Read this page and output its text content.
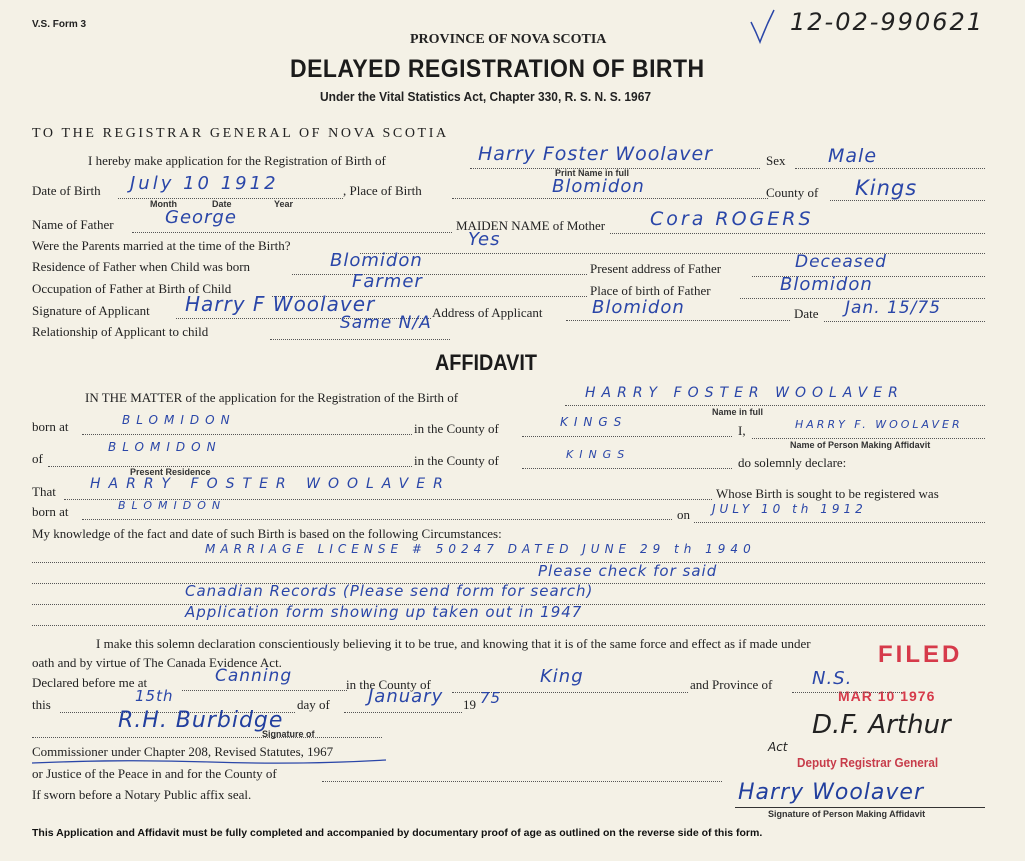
V.S. Form 3	12-02-990621
PROVINCE OF NOVA SCOTIA
DELAYED REGISTRATION OF BIRTH
Under the Vital Statistics Act, Chapter 330, R. S. N. S. 1967
TO THE REGISTRAR GENERAL OF NOVA SCOTIA
I hereby make application for the Registration of Birth of	Harry Foster Woolaver
Print Name in full
Sex Male
Date of Birth July 10 1912
Month	Date	Year
, Place of Birth	Blomidon	County of Kings
Name of Father	George	MAIDEN NAME of Mother Cora ROGERS
Were the Parents married at the time of the Birth?	Yes
Residence of Father when Child was born	Blomidon	Present address of Father	Deceased
Occupation of Father at Birth of Child	Farmer	Place of birth of Father	Blomidon
Signature of Applicant Harry F Woolaver	Address of Applicant	Blomidon	Date Jan. 15/75
Relationship of Applicant to child	Same N/A
AFFIDAVIT
IN THE MATTER of the application for the Registration of the Birth of	HARRY FOSTER WOOLAVER
Name in full
born at	BLOMIDON
in the County of	KINGS
I,	HARRY F. WOOLAVER
Name of Person Making Affidavit
of
BLOMIDON
Present Residence
in the County of	KINGS
do solemnly declare:
That HARRY FOSTER WOOLAVER
Whose Birth is sought to be registered was
born at	BLOMIDON
on JULY 10 th 1912
My knowledge of the fact and date of such Birth is based on the following Circumstances:
MARRIAGE LICENSE # 50247 DATED JUNE 29 th 1940
Please check for said
Canadian Records (Please send form for search)
Application form showing up taken out in 1947
I make this solemn declaration conscientiously believing it to be true, and knowing that it is of the same force and effect as if made under
oath and by virtue of The Canada Evidence Act.	FILED
MAR 10 1976
Declared before me at	Canning	in the County of	King	and Province of N.S.
this	15th	day of January 19 75
R.H. Burbidge
Signature of
Commissioner under Chapter 208, Revised Statutes, 1967
or Justice of the Peace in and for the County of
If sworn before a Notary Public affix seal.
D.F. Arthur
Act
Deputy Registrar General
Harry Woolaver
Signature of Person Making Affidavit
This Application and Affidavit must be fully completed and accompanied by documentary proof of age as outlined on the reverse side of this form.
